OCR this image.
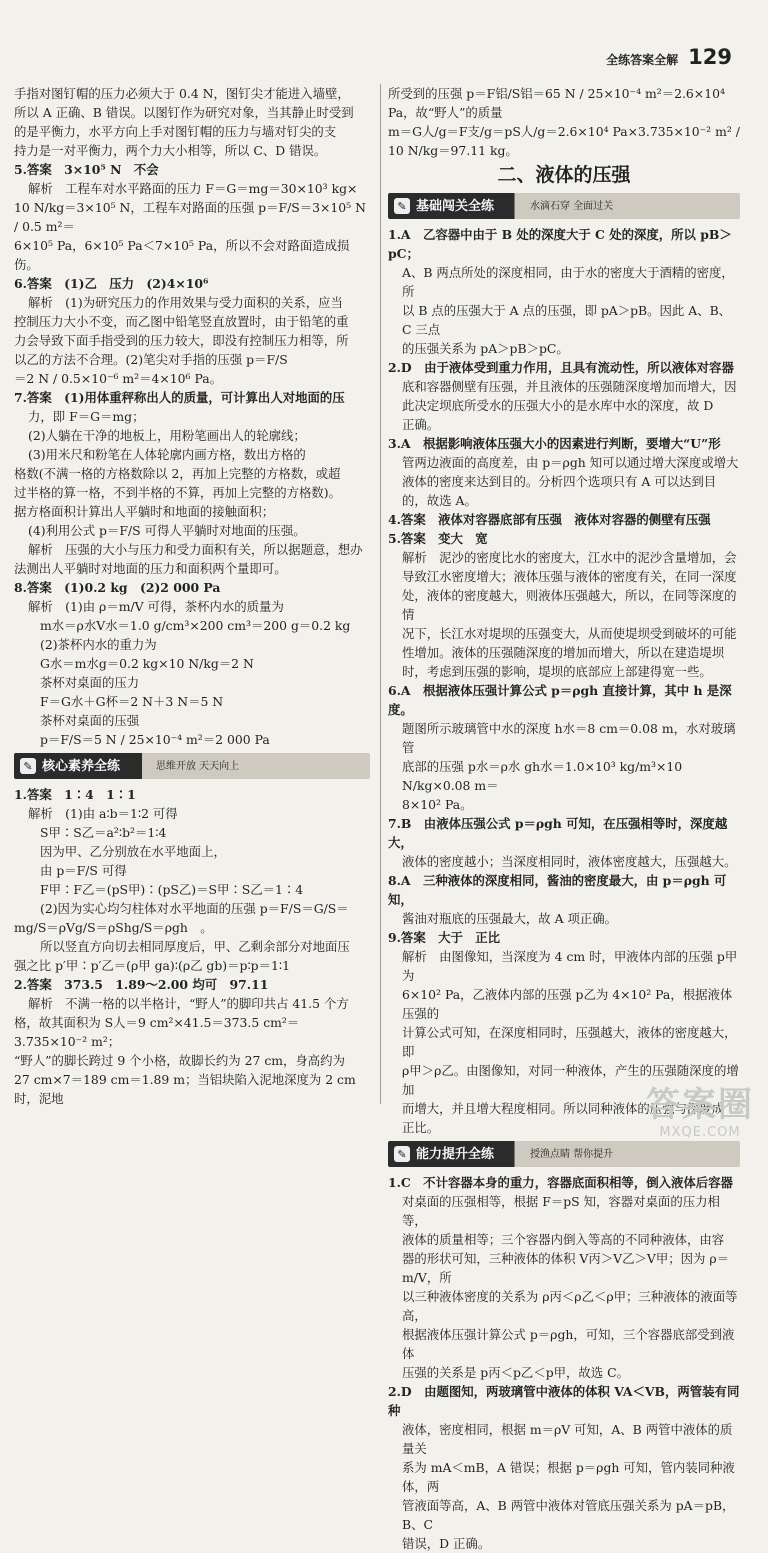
全练答案全解 129

手指对图钉帽的压力必须大于 0.4 N，图钉尖才能进入墙壁，

所以 A 正确、B 错误。以图钉作为研究对象，当其静止时受到

的是平衡力，水平方向上手对图钉帽的压力与墙对钉尖的支

持力是一对平衡力，两个力大小相等，所以 C、D 错误。

5.答案　3×10⁵ N　不会

解析　工程车对水平路面的压力 F＝G＝mg＝30×10³ kg×

10 N/kg＝3×10⁵ N，工程车对路面的压强 p＝F/S＝3×10⁵ N / 0.5 m²＝

6×10⁵ Pa，6×10⁵ Pa＜7×10⁵ Pa，所以不会对路面造成损伤。

6.答案　(1)乙　压力　(2)4×10⁶

解析　(1)为研究压力的作用效果与受力面积的关系，应当

控制压力大小不变，而乙图中铅笔竖直放置时，由于铅笔的重

力会导致下面手指受到的压力较大，即没有控制压力相等，所

以乙的方法不合理。(2)笔尖对手指的压强 p＝F/S

＝2 N / 0.5×10⁻⁶ m²＝4×10⁶ Pa。

7.答案　(1)用体重秤称出人的质量，可计算出人对地面的压

力，即 F＝G＝mg；

(2)人躺在干净的地板上，用粉笔画出人的轮廓线；

(3)用米尺和粉笔在人体轮廓内画方格，数出方格的

格数(不满一格的方格数除以 2，再加上完整的方格数，或超

过半格的算一格，不到半格的不算，再加上完整的方格数)。

据方格面积计算出人平躺时和地面的接触面积；

(4)利用公式 p＝F/S 可得人平躺时对地面的压强。

解析　压强的大小与压力和受力面积有关，所以据题意，想办

法测出人平躺时对地面的压力和面积两个量即可。

8.答案　(1)0.2 kg　(2)2 000 Pa

解析　(1)由 ρ＝m/V 可得，茶杯内水的质量为

m水＝ρ水V水＝1.0 g/cm³×200 cm³＝200 g＝0.2 kg

(2)茶杯内水的重力为

G水＝m水g＝0.2 kg×10 N/kg＝2 N

茶杯对桌面的压力

F＝G水＋G杯＝2 N＋3 N＝5 N

茶杯对桌面的压强

p＝F/S＝5 N / 25×10⁻⁴ m²＝2 000 Pa

✎ 核心素养全练	思维开放 天天向上

1.答案　1∶4　1∶1

解析　(1)由 a∶b＝1∶2 可得

S甲∶S乙＝a²∶b²＝1∶4

因为甲、乙分别放在水平地面上，

由 p＝F/S 可得

F甲∶F乙＝(pS甲)∶(pS乙)＝S甲∶S乙＝1∶4

(2)因为实心均匀柱体对水平地面的压强 p＝F/S＝G/S＝

mg/S＝ρVg/S＝ρShg/S＝ρgh　。

所以竖直方向切去相同厚度后，甲、乙剩余部分对地面压

强之比 p′甲∶p′乙＝(ρ甲 ga)∶(ρ乙 gb)＝p∶p＝1∶1

2.答案　373.5　1.89～2.00 均可　97.11

解析　不满一格的以半格计，“野人”的脚印共占 41.5 个方

格，故其面积为 S人＝9 cm²×41.5＝373.5 cm²＝3.735×10⁻² m²；

“野人”的脚长跨过 9 个小格，故脚长约为 27 cm，身高约为

27 cm×7＝189 cm＝1.89 m；当铝块陷入泥地深度为 2 cm 时，泥地

所受到的压强 p＝F铝/S铝＝65 N / 25×10⁻⁴ m²＝2.6×10⁴ Pa，故“野人”的质量

m＝G人/g＝F支/g＝pS人/g＝2.6×10⁴ Pa×3.735×10⁻² m² / 10 N/kg＝97.11 kg。

二、液体的压强
✎ 基础闯关全练	水滴石穿 全面过关

1.A　乙容器中由于 B 处的深度大于 C 处的深度，所以 pB＞pC；

A、B 两点所处的深度相同，由于水的密度大于酒精的密度，所

以 B 点的压强大于 A 点的压强，即 pA＞pB。因此 A、B、C 三点

的压强关系为 pA＞pB＞pC。

2.D　由于液体受到重力作用，且具有流动性，所以液体对容器

底和容器侧壁有压强，并且液体的压强随深度增加而增大，因

此决定坝底所受水的压强大小的是水库中水的深度，故 D

正确。

3.A　根据影响液体压强大小的因素进行判断，要增大“U”形

管两边液面的高度差，由 p＝ρgh 知可以通过增大深度或增大

液体的密度来达到目的。分析四个选项只有 A 可以达到目

的，故选 A。

4.答案　液体对容器底部有压强　液体对容器的侧壁有压强

5.答案　变大　宽

解析　泥沙的密度比水的密度大，江水中的泥沙含量增加，会

导致江水密度增大；液体压强与液体的密度有关，在同一深度

处，液体的密度越大，则液体压强越大，所以，在同等深度的情

况下，长江水对堤坝的压强变大，从而使堤坝受到破坏的可能

性增加。液体的压强随深度的增加而增大，所以在建造堤坝

时，考虑到压强的影响，堤坝的底部应上部建得宽一些。

6.A　根据液体压强计算公式 p＝ρgh 直接计算，其中 h 是深度。

题图所示玻璃管中水的深度 h水＝8 cm＝0.08 m，水对玻璃管

底部的压强 p水＝ρ水 gh水＝1.0×10³ kg/m³×10 N/kg×0.08 m＝

8×10² Pa。

7.B　由液体压强公式 p＝ρgh 可知，在压强相等时，深度越大，

液体的密度越小；当深度相同时，液体密度越大，压强越大。

8.A　三种液体的深度相同，酱油的密度最大，由 p＝ρgh 可知，

酱油对瓶底的压强最大，故 A 项正确。

9.答案　大于　正比

解析　由图像知，当深度为 4 cm 时，甲液体内部的压强 p甲为

6×10² Pa，乙液体内部的压强 p乙为 4×10² Pa，根据液体压强的

计算公式可知，在深度相同时，压强越大，液体的密度越大，即

ρ甲＞ρ乙。由图像知，对同一种液体，产生的压强随深度的增加

而增大，并且增大程度相同。所以同种液体的压强与深度成

正比。

✎ 能力提升全练	授渔点睛 帮你提升

1.C　不计容器本身的重力，容器底面积相等，倒入液体后容器

对桌面的压强相等，根据 F＝pS 知，容器对桌面的压力相等，

液体的质量相等；三个容器内倒入等高的不同种液体，由容

器的形状可知，三种液体的体积 V丙＞V乙＞V甲；因为 ρ＝m/V，所

以三种液体密度的关系为 ρ丙＜ρ乙＜ρ甲；三种液体的液面等高，

根据液体压强计算公式 p＝ρgh，可知，三个容器底部受到液体

压强的关系是 p丙＜p乙＜p甲，故选 C。

2.D　由题图知，两玻璃管中液体的体积 VA＜VB，两管装有同种

液体，密度相同，根据 m＝ρV 可知，A、B 两管中液体的质量关

系为 mA＜mB，A 错误；根据 p＝ρgh 可知，管内装同种液体，两

管液面等高，A、B 两管中液体对管底压强关系为 pA＝pB，B、C

错误，D 正确。

答案圈
MXQE.COM
